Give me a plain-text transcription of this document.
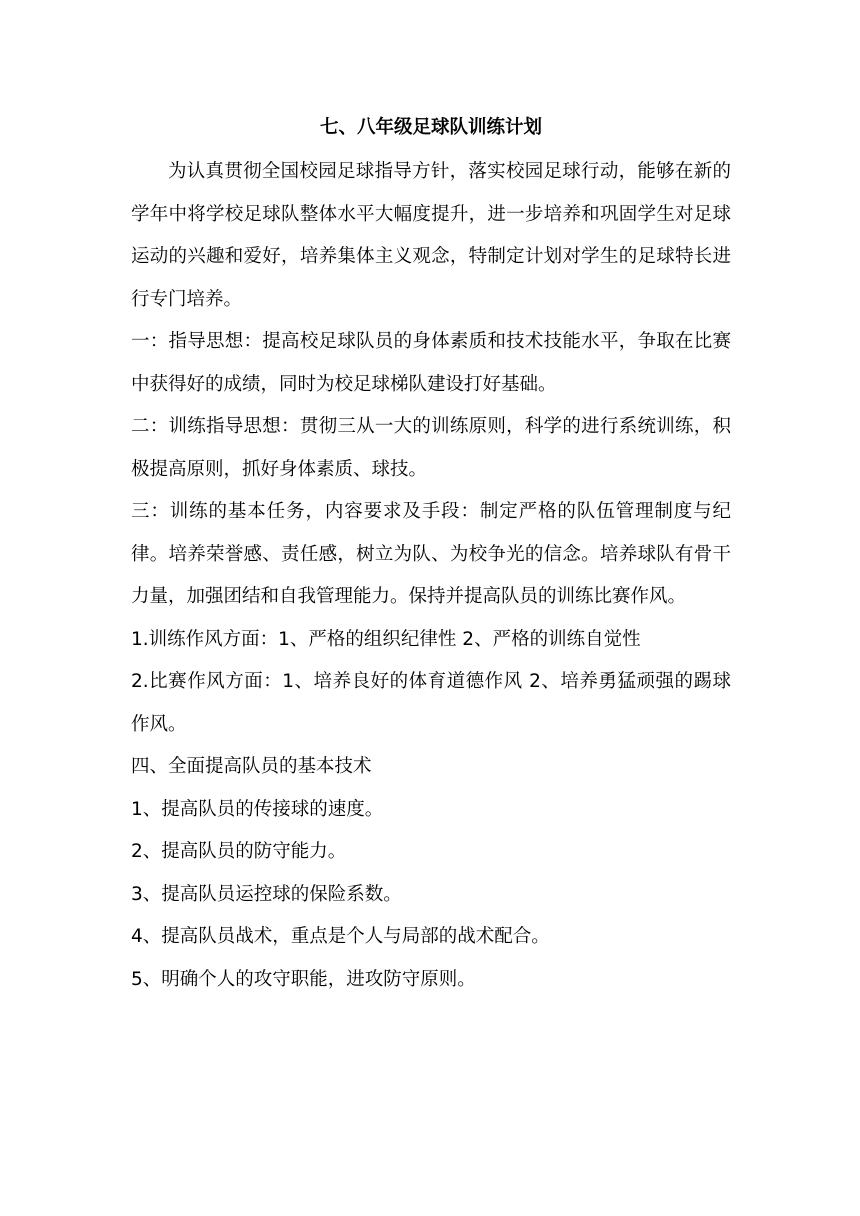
七、八年级足球队训练计划

为认真贯彻全国校园足球指导方针，落实校园足球行动，能够在新的学年中将学校足球队整体水平大幅度提升，进一步培养和巩固学生对足球运动的兴趣和爱好，培养集体主义观念，特制定计划对学生的足球特长进行专门培养。

一：指导思想：提高校足球队员的身体素质和技术技能水平，争取在比赛中获得好的成绩，同时为校足球梯队建设打好基础。

二：训练指导思想：贯彻三从一大的训练原则，科学的进行系统训练，积极提高原则，抓好身体素质、球技。

三：训练的基本任务，内容要求及手段：制定严格的队伍管理制度与纪律。培养荣誉感、责任感，树立为队、为校争光的信念。培养球队有骨干力量，加强团结和自我管理能力。保持并提高队员的训练比赛作风。

1.训练作风方面：1、严格的组织纪律性 2、严格的训练自觉性

2.比赛作风方面：1、培养良好的体育道德作风 2、培养勇猛顽强的踢球作风。

四、全面提高队员的基本技术

1、提高队员的传接球的速度。

2、提高队员的防守能力。

3、提高队员运控球的保险系数。

4、提高队员战术，重点是个人与局部的战术配合。

5、明确个人的攻守职能，进攻防守原则。
